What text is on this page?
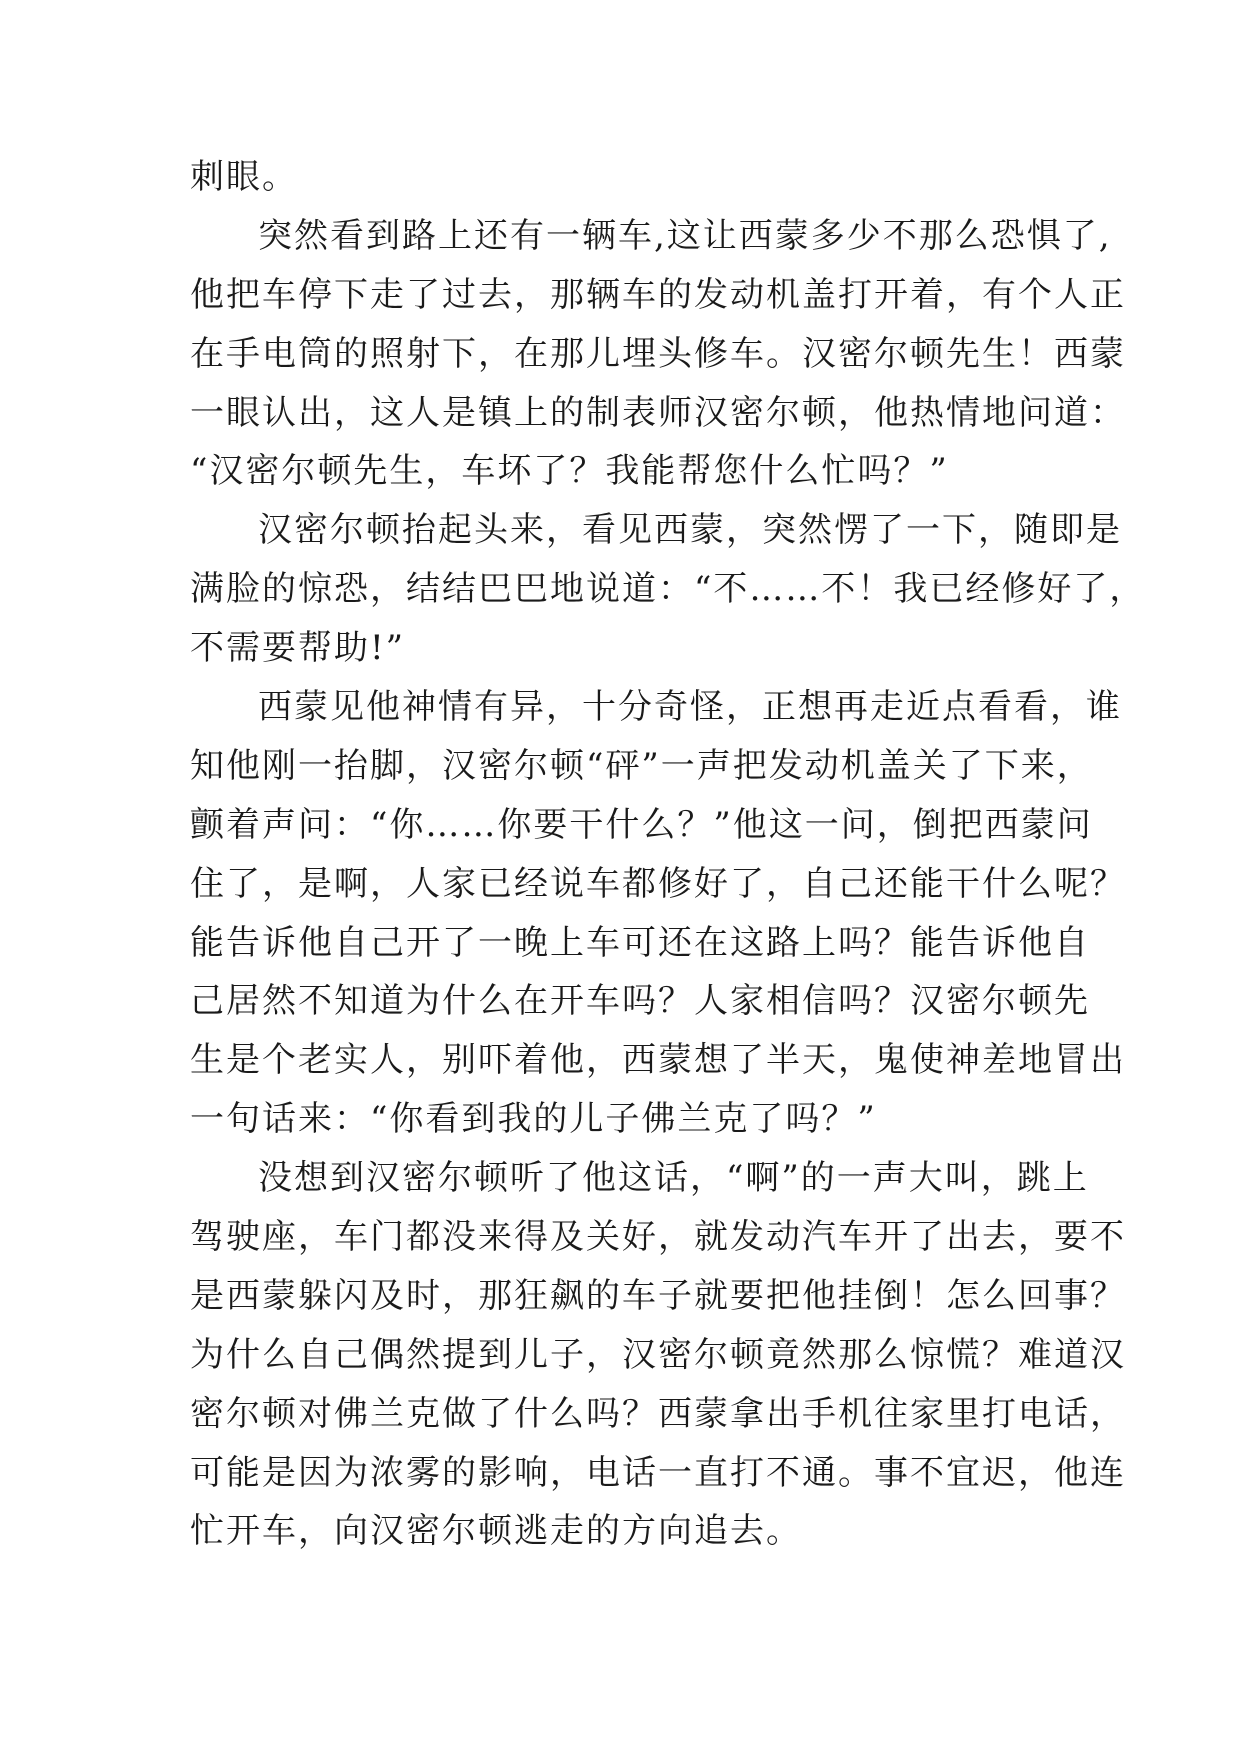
刺眼。
突然看到路上还有一辆车,这让西蒙多少不那么恐惧了,
他把车停下走了过去，那辆车的发动机盖打开着，有个人正
在手电筒的照射下，在那儿埋头修车。汉密尔顿先生！西蒙
一眼认出，这人是镇上的制表师汉密尔顿，他热情地问道：
“汉密尔顿先生，车坏了？我能帮您什么忙吗？”
汉密尔顿抬起头来，看见西蒙，突然愣了一下，随即是
满脸的惊恐，结结巴巴地说道：“不……不！我已经修好了，
不需要帮助!”
西蒙见他神情有异，十分奇怪，正想再走近点看看，谁
知他刚一抬脚，汉密尔顿“砰”一声把发动机盖关了下来，
颤着声问：“你……你要干什么？”他这一问，倒把西蒙问
住了，是啊，人家已经说车都修好了，自己还能干什么呢？
能告诉他自己开了一晚上车可还在这路上吗？能告诉他自
己居然不知道为什么在开车吗？人家相信吗？汉密尔顿先
生是个老实人，别吓着他，西蒙想了半天，鬼使神差地冒出
一句话来：“你看到我的儿子佛兰克了吗？”
没想到汉密尔顿听了他这话，“啊”的一声大叫，跳上
驾驶座，车门都没来得及关好，就发动汽车开了出去，要不
是西蒙躲闪及时，那狂飙的车子就要把他挂倒！怎么回事？
为什么自己偶然提到儿子，汉密尔顿竟然那么惊慌？难道汉
密尔顿对佛兰克做了什么吗？西蒙拿出手机往家里打电话，
可能是因为浓雾的影响，电话一直打不通。事不宜迟，他连
忙开车，向汉密尔顿逃走的方向追去。
